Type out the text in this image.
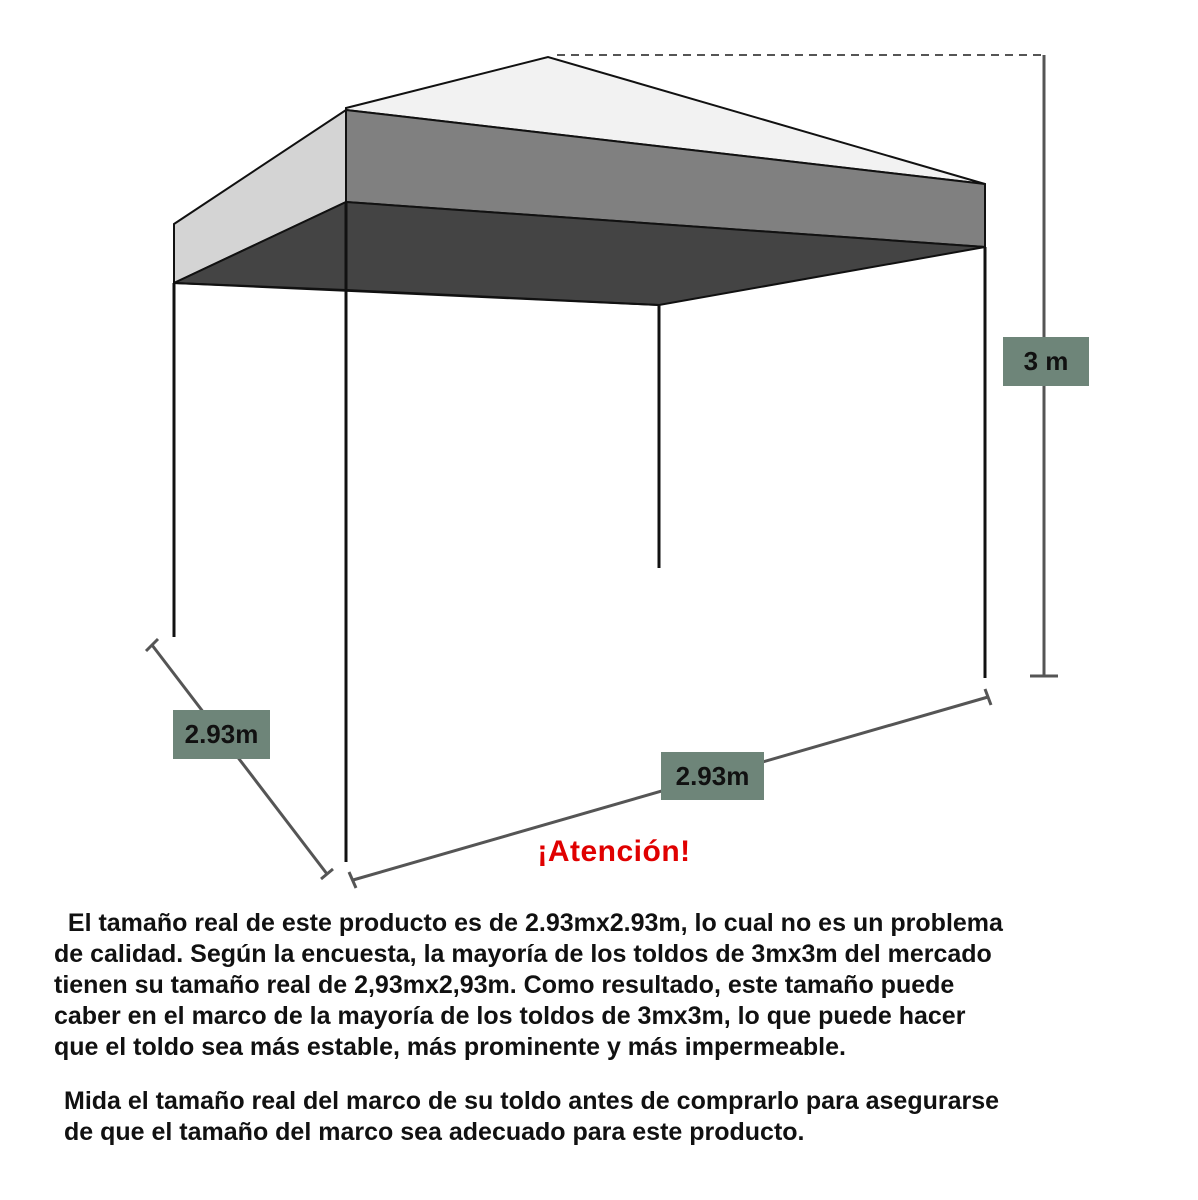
3 m
2.93m
2.93m
¡Atención!

El tamaño real de este producto es de 2.93mx2.93m, lo cual no es un problema
de calidad. Según la encuesta, la mayoría de los toldos de 3mx3m del mercado
tienen su tamaño real de 2,93mx2,93m. Como resultado, este tamaño puede
caber en el marco de la mayoría de los toldos de 3mx3m, lo que puede hacer
que el toldo sea más estable, más prominente y más impermeable.

Mida el tamaño real del marco de su toldo antes de comprarlo para asegurarse
de que el tamaño del marco sea adecuado para este producto.
